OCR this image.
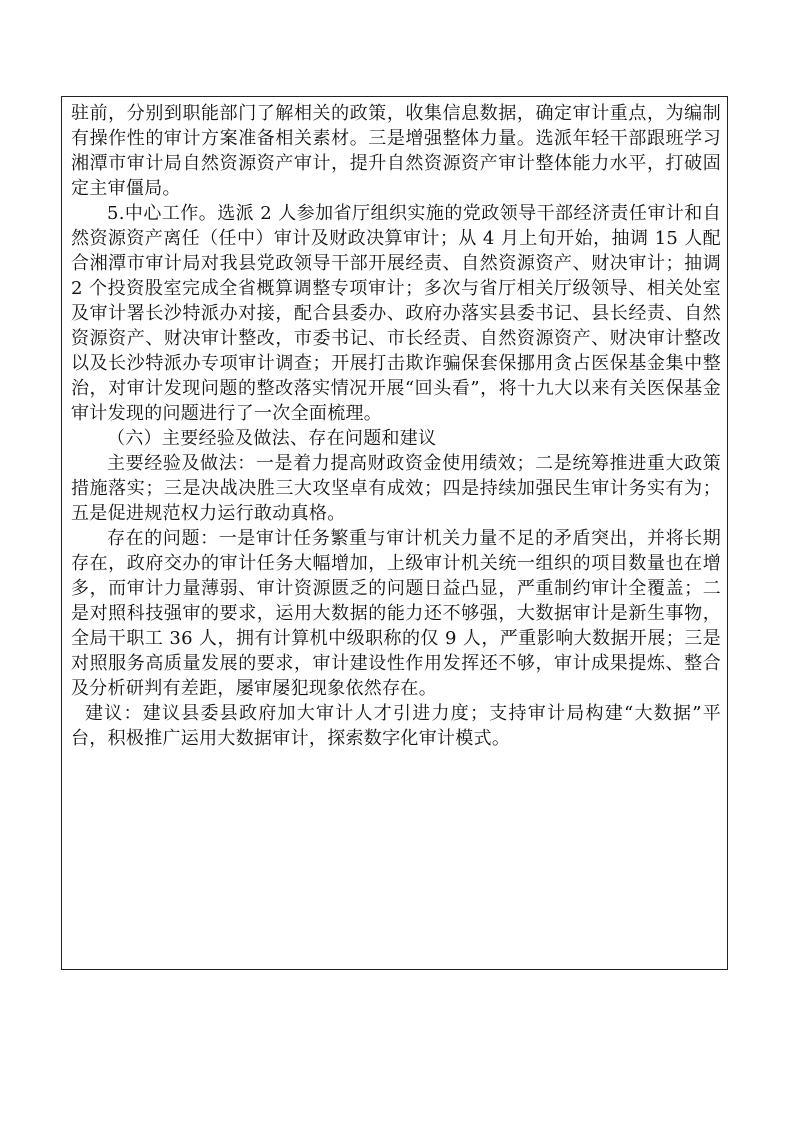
驻前，分别到职能部门了解相关的政策，收集信息数据，确定审计重点，为编制有操作性的审计方案准备相关素材。三是增强整体力量。选派年轻干部跟班学习湘潭市审计局自然资源资产审计，提升自然资源资产审计整体能力水平，打破固定主审僵局。

5.中心工作。选派 2 人参加省厅组织实施的党政领导干部经济责任审计和自然资源资产离任（任中）审计及财政决算审计；从 4 月上旬开始，抽调 15 人配合湘潭市审计局对我县党政领导干部开展经责、自然资源资产、财决审计；抽调 2 个投资股室完成全省概算调整专项审计；多次与省厅相关厅级领导、相关处室及审计署长沙特派办对接，配合县委办、政府办落实县委书记、县长经责、自然资源资产、财决审计整改，市委书记、市长经责、自然资源资产、财决审计整改以及长沙特派办专项审计调查；开展打击欺诈骗保套保挪用贪占医保基金集中整治，对审计发现问题的整改落实情况开展“回头看”，将十九大以来有关医保基金审计发现的问题进行了一次全面梳理。

（六）主要经验及做法、存在问题和建议

主要经验及做法：一是着力提高财政资金使用绩效；二是统筹推进重大政策措施落实；三是决战决胜三大攻坚卓有成效；四是持续加强民生审计务实有为；五是促进规范权力运行敢动真格。

存在的问题：一是审计任务繁重与审计机关力量不足的矛盾突出，并将长期存在，政府交办的审计任务大幅增加，上级审计机关统一组织的项目数量也在增多，而审计力量薄弱、审计资源匮乏的问题日益凸显，严重制约审计全覆盖；二是对照科技强审的要求，运用大数据的能力还不够强，大数据审计是新生事物，全局干职工 36 人，拥有计算机中级职称的仅 9 人，严重影响大数据开展；三是对照服务高质量发展的要求，审计建设性作用发挥还不够，审计成果提炼、整合及分析研判有差距，屡审屡犯现象依然存在。

建议：建议县委县政府加大审计人才引进力度；支持审计局构建“大数据”平台，积极推广运用大数据审计，探索数字化审计模式。
